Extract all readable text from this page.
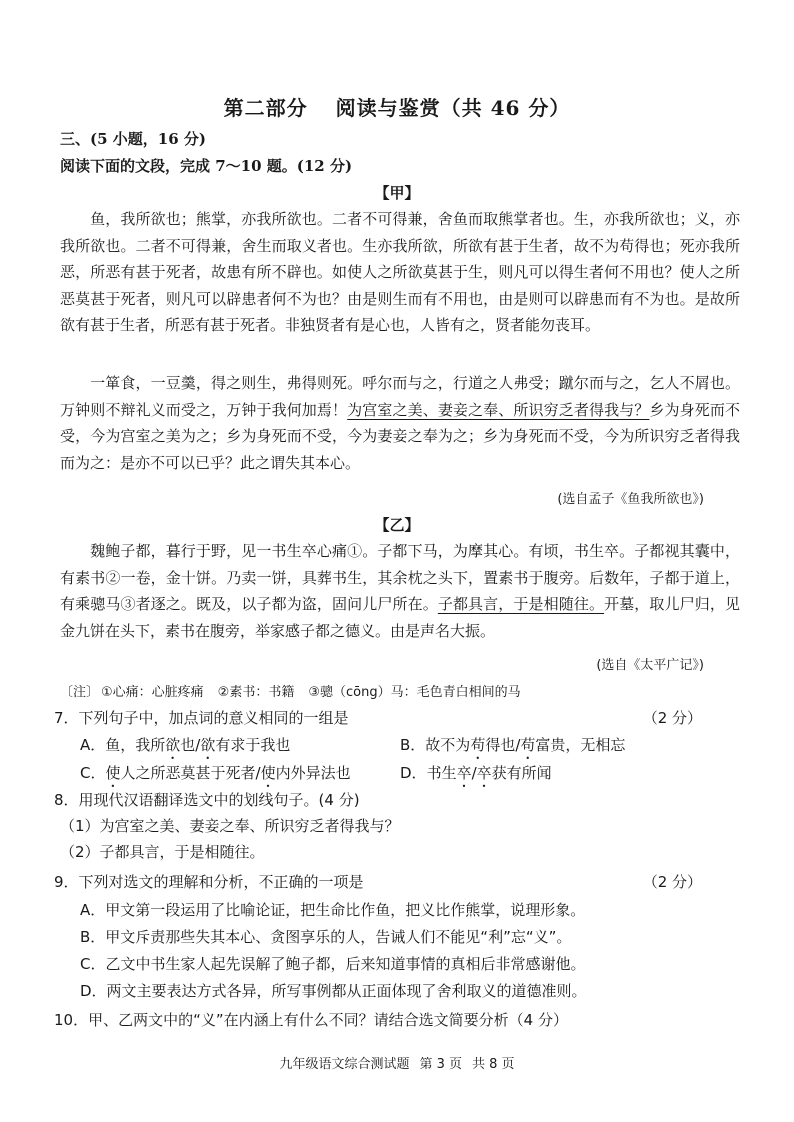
第二部分 阅读与鉴赏（共 46 分）
三、(5 小题，16 分)
阅读下面的文段，完成 7～10 题。(12 分)
【甲】
鱼，我所欲也；熊掌，亦我所欲也。二者不可得兼，舍鱼而取熊掌者也。生，亦我所欲也；义，亦我所欲也。二者不可得兼，舍生而取义者也。生亦我所欲，所欲有甚于生者，故不为苟得也；死亦我所恶，所恶有甚于死者，故患有所不辟也。如使人之所欲莫甚于生，则凡可以得生者何不用也？使人之所恶莫甚于死者，则凡可以辟患者何不为也？由是则生而有不用也，由是则可以辟患而有不为也。是故所欲有甚于生者，所恶有甚于死者。非独贤者有是心也，人皆有之，贤者能勿丧耳。
一箪食，一豆羹，得之则生，弗得则死。呼尔而与之，行道之人弗受；蹴尔而与之，乞人不屑也。万钟则不辩礼义而受之，万钟于我何加焉！为宫室之美、妻妾之奉、所识穷乏者得我与？乡为身死而不受，今为宫室之美为之；乡为身死而不受，今为妻妾之奉为之；乡为身死而不受，今为所识穷乏者得我而为之：是亦不可以已乎？此之谓失其本心。
(选自孟子《鱼我所欲也》)
【乙】
魏鲍子都，暮行于野，见一书生卒心痛①。子都下马，为摩其心。有顷，书生卒。子都视其囊中，有素书②一卷，金十饼。乃卖一饼，具葬书生，其余枕之头下，置素书于腹旁。后数年，子都于道上，有乘骢马③者逐之。既及，以子都为盗，固问儿尸所在。子都具言，于是相随往。开墓，取儿尸归，见金九饼在头下，素书在腹旁，举家感子都之德义。由是声名大振。
(选自《太平广记》)
〔注〕 ①心痛：心脏疼痛 ②素书：书籍 ③骢（cōng）马：毛色青白相间的马
7．下列句子中，加点词的意义相同的一组是	（2 分）
A．鱼，我所欲也/欲有求于我也	B．故不为苟得也/苟富贵，无相忘
C．使人之所恶莫甚于死者/使内外异法也	D．书生卒/卒获有所闻
8．用现代汉语翻译选文中的划线句子。(4 分)
（1）为宫室之美、妻妾之奉、所识穷乏者得我与？
（2）子都具言，于是相随往。
9．下列对选文的理解和分析，不正确的一项是	（2 分）
A．甲文第一段运用了比喻论证，把生命比作鱼，把义比作熊掌，说理形象。
B．甲文斥责那些失其本心、贪图享乐的人，告诫人们不能见“利”忘“义”。
C．乙文中书生家人起先误解了鲍子都，后来知道事情的真相后非常感谢他。
D．两文主要表达方式各异，所写事例都从正面体现了舍利取义的道德准则。
10．甲、乙两文中的“义”在内涵上有什么不同？请结合选文简要分析（4 分）
九年级语文综合测试题 第 3 页 共 8 页
